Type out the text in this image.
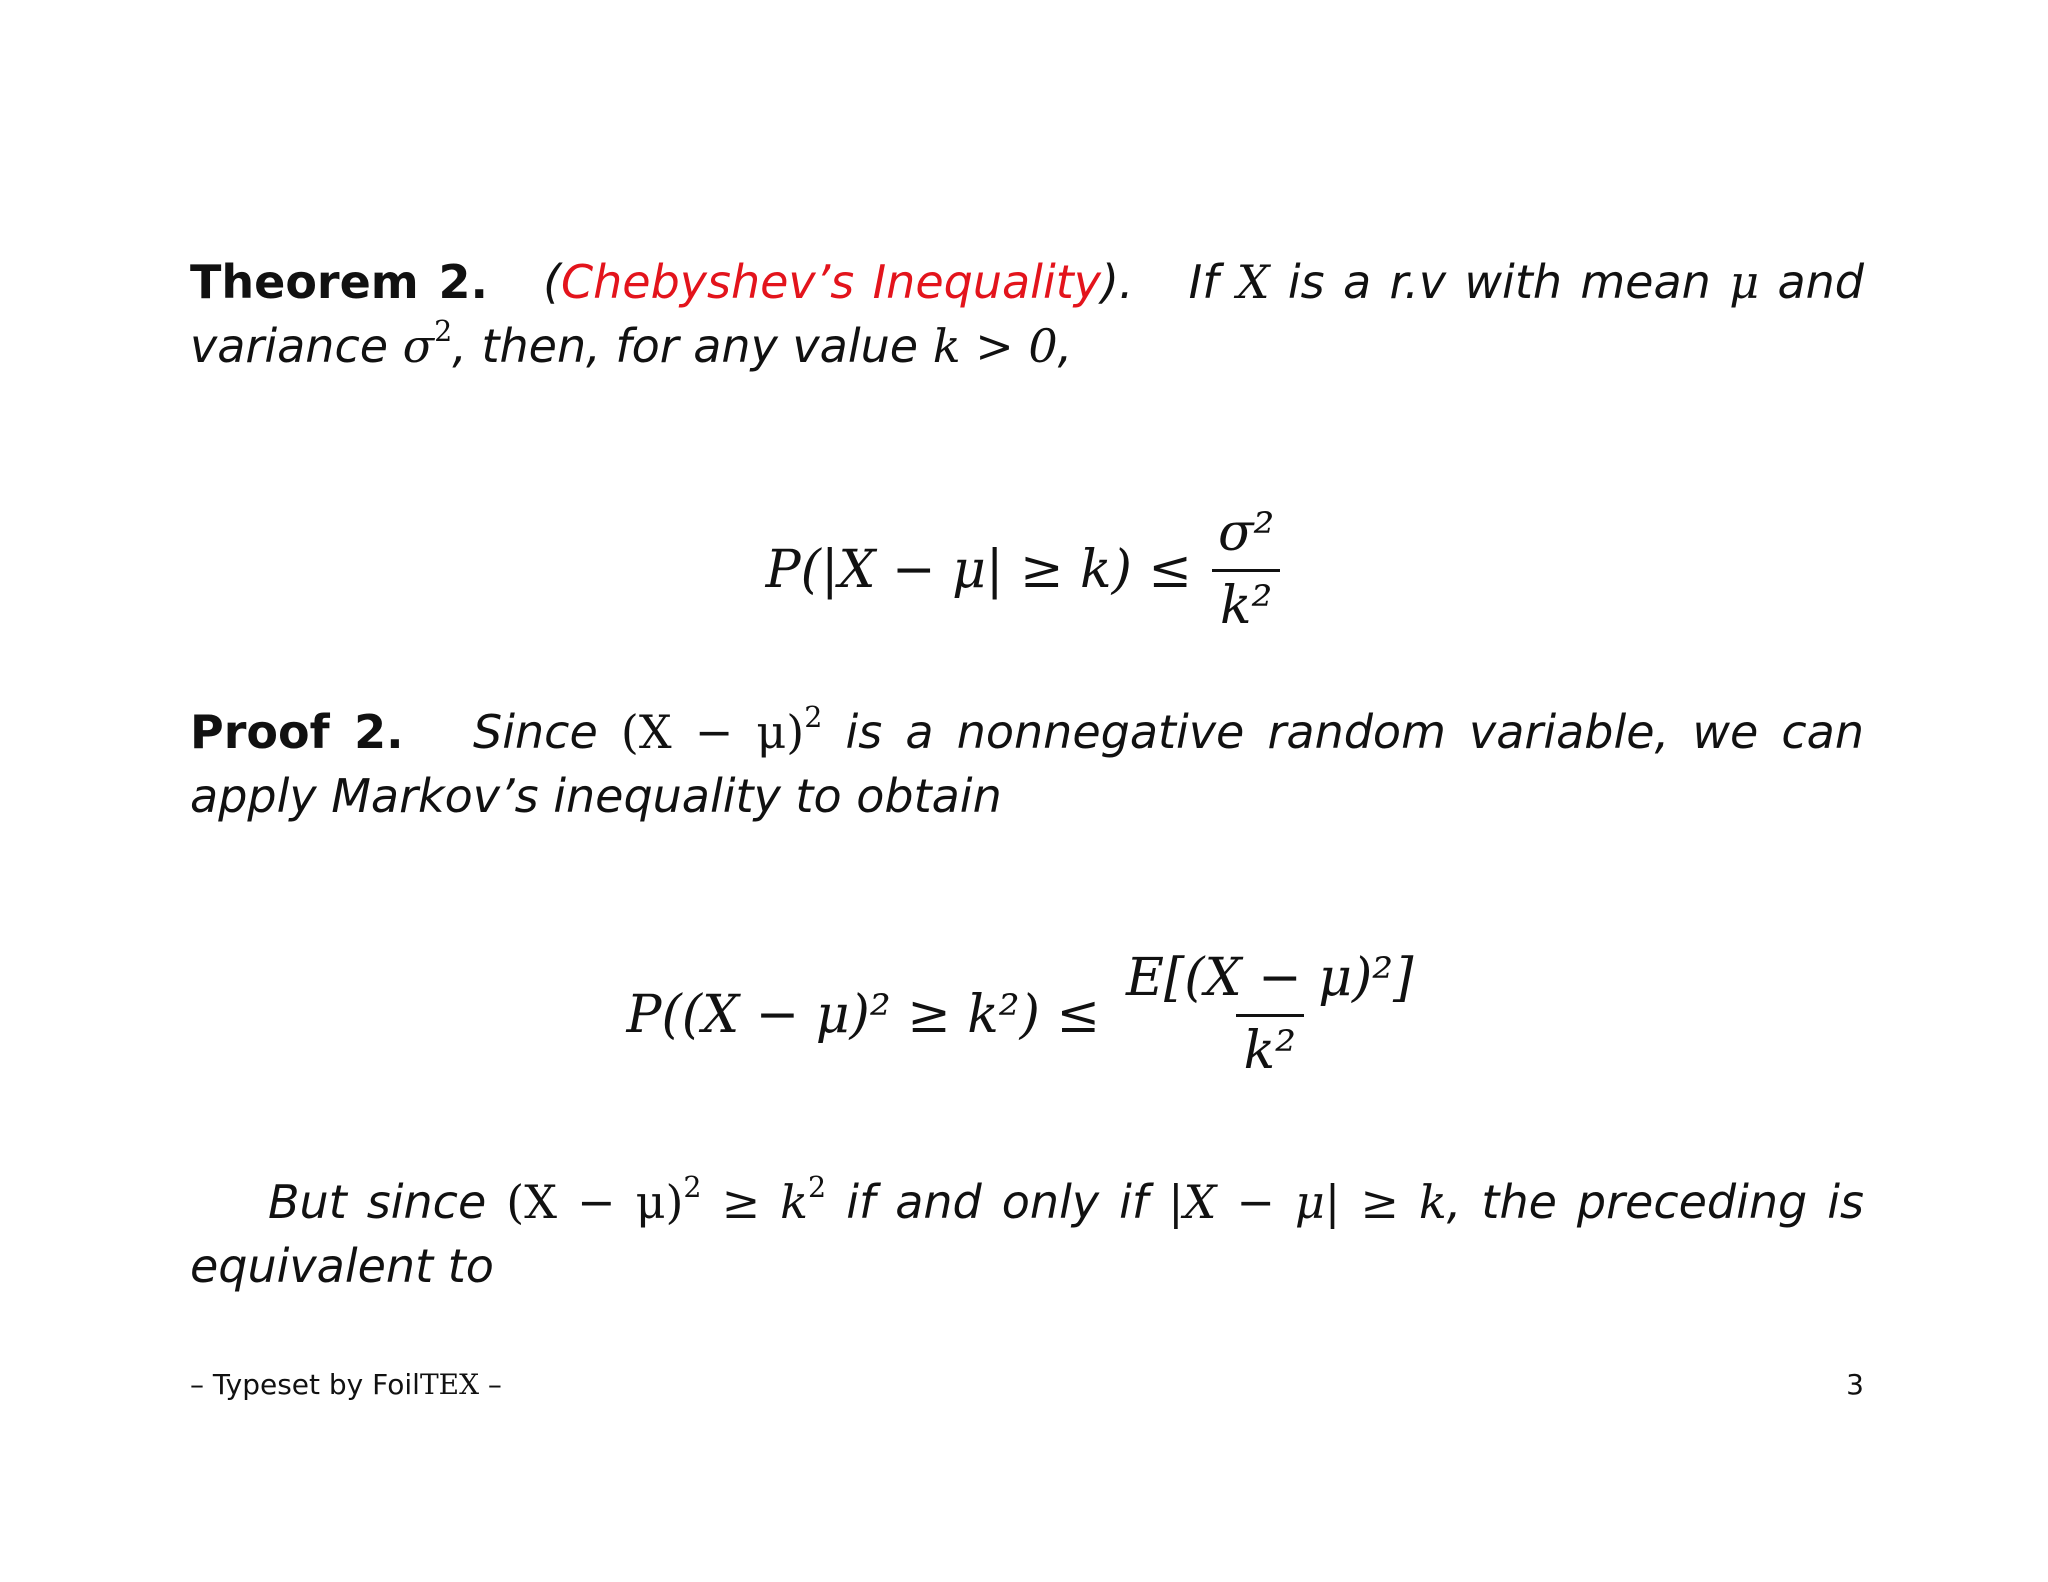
Theorem 2. (Chebyshev’s Inequality). If X is a r.v with mean μ and variance $\sigma^2$, then, for any value k > 0,
$P(|X - \mu| \ge k) \le \frac{\text{σ²}}{\text{k²}}$
Proof 2. Since $(X - \mu)^2$ is a nonnegative random variable, we can apply Markov’s inequality to obtain
$P((X - \mu)^2 \ge k^2) \le \frac{\text{E[(X − μ)²]}}{\text{k²}}$
But since $(X - \mu)^2 \ge k^2$ if and only if |X − μ| ≥ k, the preceding is equivalent to
– Typeset by FoilTEX –	3
